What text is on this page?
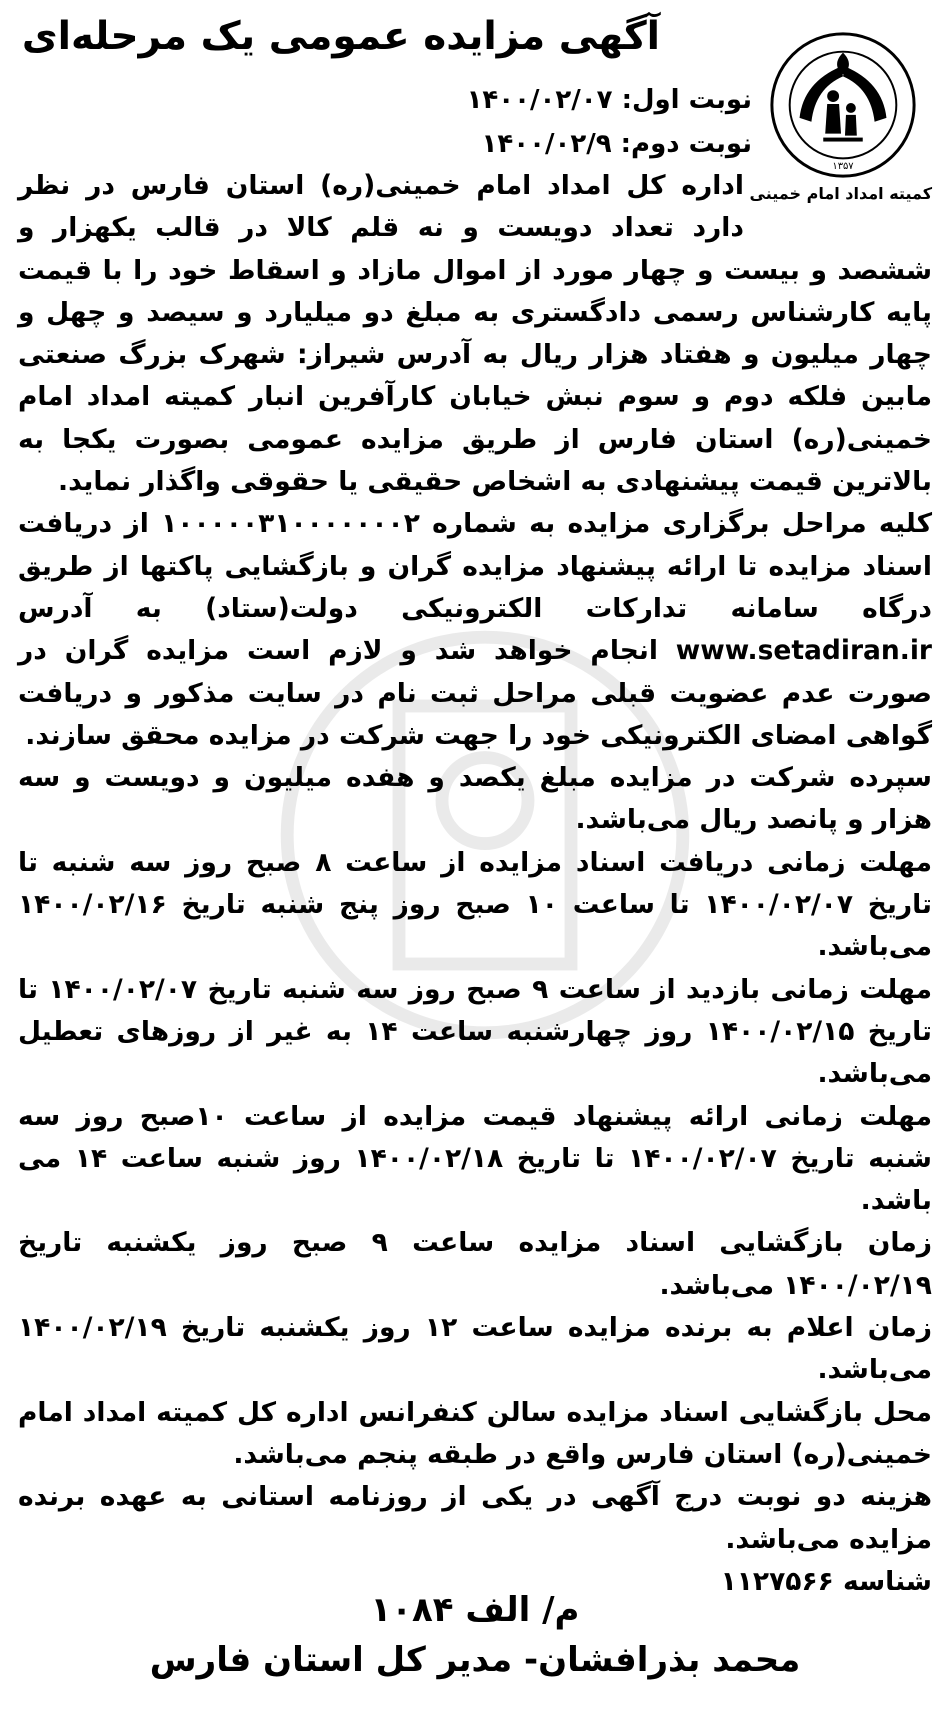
آگهی مزایده عمومی یک مرحله‌ای
۱۳۵۷
کمیته امداد امام خمینی
نوبت اول: ۱۴۰۰/۰۲/۰۷
نوبت دوم: ۱۴۰۰/۰۲/۹

اداره کل امداد امام خمینی(ره) استان فارس در نظر دارد تعداد دویست و نه قلم کالا در قالب یکهزار و ششصد و بیست و چهار مورد از اموال مازاد و اسقاط خود را با قیمت پایه کارشناس رسمی دادگستری به مبلغ دو میلیارد و سیصد و چهل و چهار میلیون و هفتاد هزار ریال به آدرس شیراز: شهرک بزرگ صنعتی مابین فلکه دوم و سوم نبش خیابان کارآفرین انبار کمیته امداد امام خمینی(ره) استان فارس از طریق مزایده عمومی بصورت یکجا به بالاترین قیمت پیشنهادی به اشخاص حقیقی یا حقوقی واگذار نماید.

کلیه مراحل برگزاری مزایده به شماره ۱۰۰۰۰۰۳۱۰۰۰۰۰۰۰۲ از دریافت اسناد مزایده تا ارائه پیشنهاد مزایده گران و بازگشایی پاکتها از طریق درگاه سامانه تدارکات الکترونیکی دولت(ستاد) به آدرس www.setadiran.ir انجام خواهد شد و لازم است مزایده گران در صورت عدم عضویت قبلی مراحل ثبت نام در سایت مذکور و دریافت گواهی امضای الکترونیکی خود را جهت شرکت در مزایده محقق سازند.

سپرده شرکت در مزایده مبلغ یکصد و هفده میلیون و دویست و سه هزار و پانصد ریال می‌باشد.

مهلت زمانی دریافت اسناد مزایده از ساعت ۸ صبح روز سه شنبه تا تاریخ ۱۴۰۰/۰۲/۰۷ تا ساعت ۱۰ صبح روز پنج شنبه تاریخ ۱۴۰۰/۰۲/۱۶ می‌باشد.

مهلت زمانی بازدید از ساعت ۹ صبح روز سه شنبه تاریخ ۱۴۰۰/۰۲/۰۷ تا تاریخ ۱۴۰۰/۰۲/۱۵ روز چهارشنبه ساعت ۱۴ به غیر از روزهای تعطیل می‌باشد.

مهلت زمانی ارائه پیشنهاد قیمت مزایده از ساعت ۱۰صبح روز سه شنبه تاریخ ۱۴۰۰/۰۲/۰۷ تا تاریخ ۱۴۰۰/۰۲/۱۸ روز شنبه ساعت ۱۴ می باشد.

زمان بازگشایی اسناد مزایده ساعت ۹ صبح روز یکشنبه تاریخ ۱۴۰۰/۰۲/۱۹ می‌باشد.

زمان اعلام به برنده مزایده ساعت ۱۲ روز یکشنبه تاریخ ۱۴۰۰/۰۲/۱۹ می‌باشد.

محل بازگشایی اسناد مزایده سالن کنفرانس اداره کل کمیته امداد امام خمینی(ره) استان فارس واقع در طبقه پنجم می‌باشد.

هزینه دو نوبت درج آگهی در یکی از روزنامه استانی به عهده برنده مزایده می‌باشد.

شناسه ۱۱۲۷۵۶۶

م/ الف ۱۰۸۴
محمد بذرافشان- مدیر کل استان فارس
